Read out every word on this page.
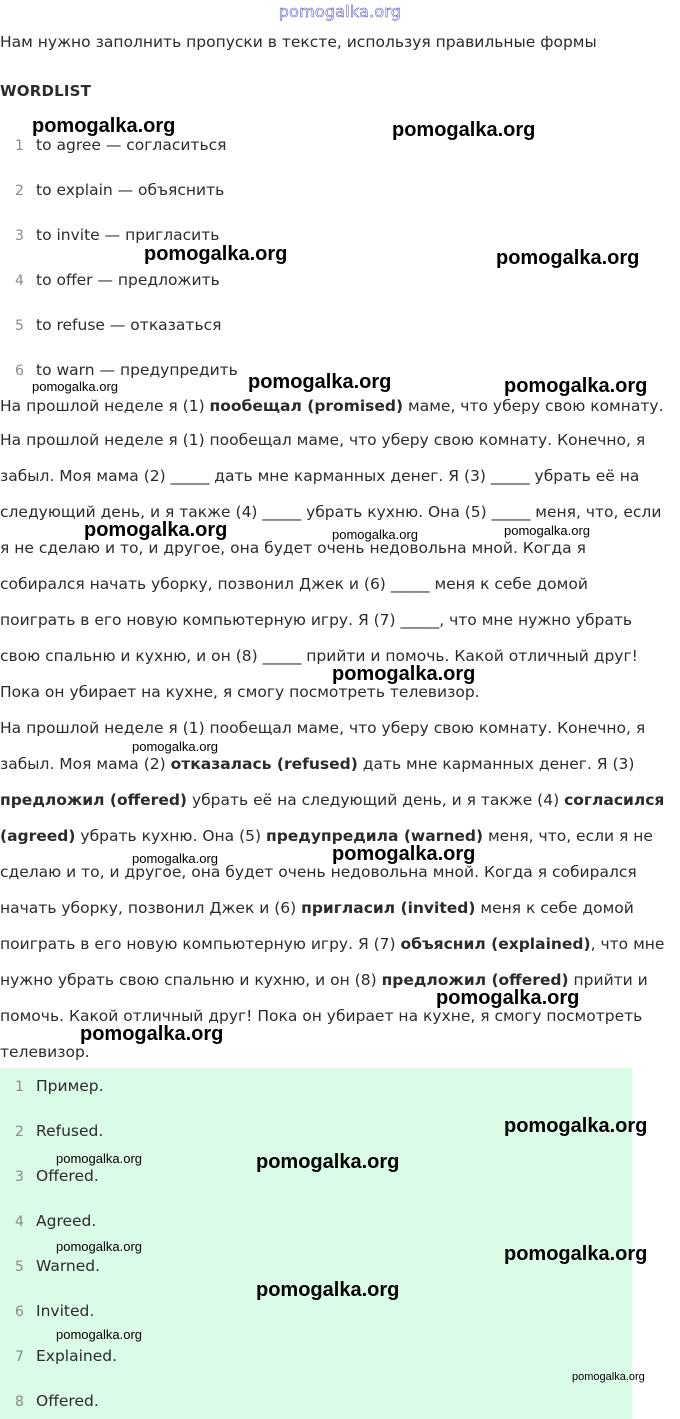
pomogalka.org
Нам нужно заполнить пропуски в тексте, используя правильные формы
WORDLIST
1 to agree — согласиться
2 to explain — объяснить
3 to invite — пригласить
4 to offer — предложить
5 to refuse — отказаться
6 to warn — предупредить
На прошлой неделе я (1) пообещал (promised) маме, что уберу свою комнату.
На прошлой неделе я (1) пообещал маме, что уберу свою комнату. Конечно, я
забыл. Моя мама (2) _____ дать мне карманных денег. Я (3) _____ убрать её на
следующий день, и я также (4) _____ убрать кухню. Она (5) _____ меня, что, если
я не сделаю и то, и другое, она будет очень недовольна мной. Когда я
собирался начать уборку, позвонил Джек и (6) _____ меня к себе домой
поиграть в его новую компьютерную игру. Я (7) _____, что мне нужно убрать
свою спальню и кухню, и он (8) _____ прийти и помочь. Какой отличный друг!
Пока он убирает на кухне, я смогу посмотреть телевизор.
На прошлой неделе я (1) пообещал маме, что уберу свою комнату. Конечно, я
забыл. Моя мама (2) отказалась (refused) дать мне карманных денег. Я (3)
предложил (offered) убрать её на следующий день, и я также (4) согласился
(agreed) убрать кухню. Она (5) предупредила (warned) меня, что, если я не
сделаю и то, и другое, она будет очень недовольна мной. Когда я собирался
начать уборку, позвонил Джек и (6) пригласил (invited) меня к себе домой
поиграть в его новую компьютерную игру. Я (7) объяснил (explained), что мне
нужно убрать свою спальню и кухню, и он (8) предложил (offered) прийти и
помочь. Какой отличный друг! Пока он убирает на кухне, я смогу посмотреть
телевизор.
1 Пример.
2 Refused.
3 Offered.
4 Agreed.
5 Warned.
6 Invited.
7 Explained.
8 Offered.
pomogalka.org	pomogalka.org
pomogalka.org	pomogalka.org
pomogalka.org	pomogalka.org	pomogalka.org
pomogalka.org	pomogalka.org	pomogalka.org
pomogalka.org
pomogalka.org
pomogalka.org	pomogalka.org
pomogalka.org
pomogalka.org
pomogalka.org
pomogalka.org	pomogalka.org
pomogalka.org	pomogalka.org
pomogalka.org
pomogalka.org
pomogalka.org
